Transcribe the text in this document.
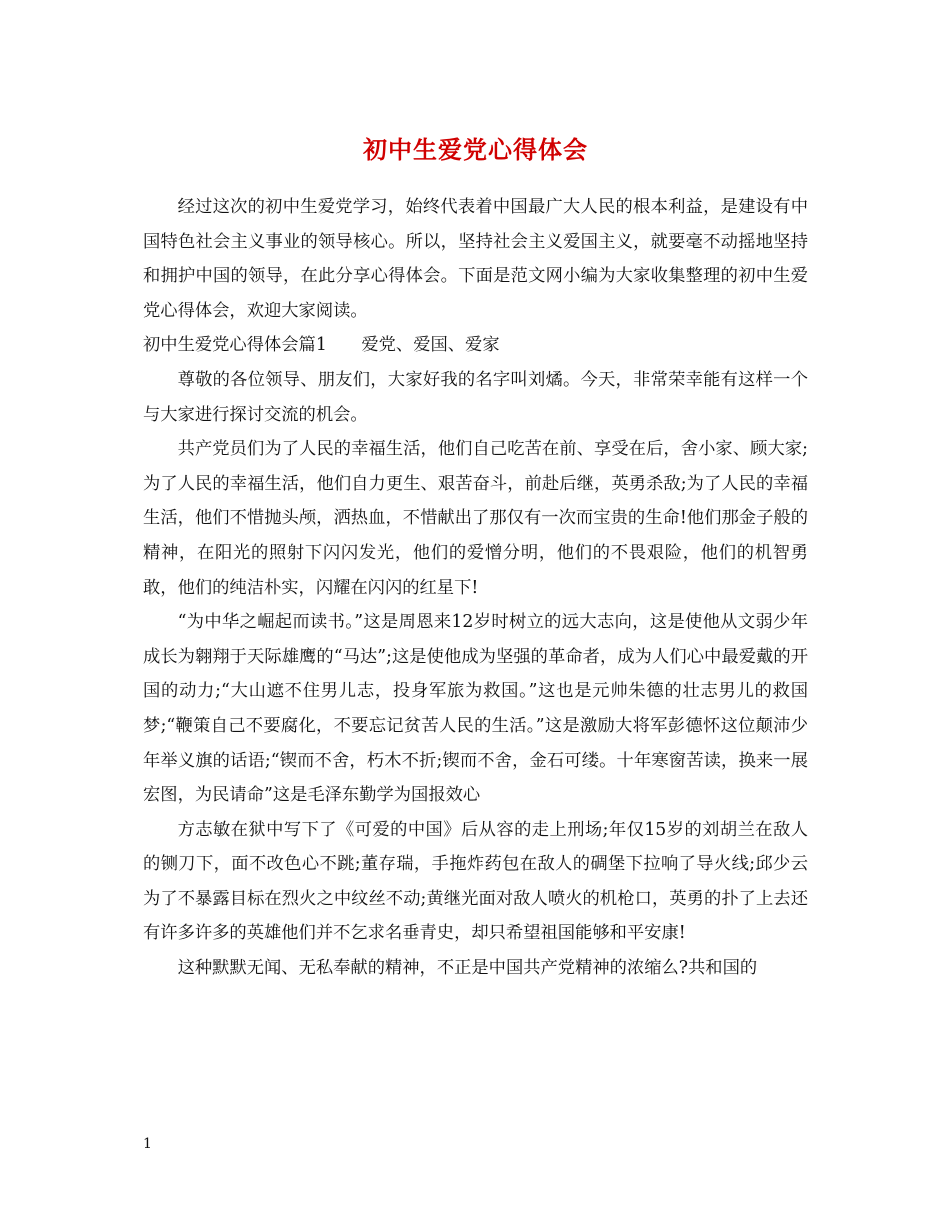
初中生爱党心得体会

经过这次的初中生爱党学习，始终代表着中国最广大人民的根本利益，是建设有中国特色社会主义事业的领导核心。所以，坚持社会主义爱国主义，就要毫不动摇地坚持和拥护中国的领导，在此分享心得体会。下面是范文网小编为大家收集整理的初中生爱党心得体会，欢迎大家阅读。

初中生爱党心得体会篇1　　爱党、爱国、爱家

尊敬的各位领导、朋友们，大家好我的名字叫刘燏。今天，非常荣幸能有这样一个与大家进行探讨交流的机会。

共产党员们为了人民的幸福生活，他们自己吃苦在前、享受在后，舍小家、顾大家;为了人民的幸福生活，他们自力更生、艰苦奋斗，前赴后继，英勇杀敌;为了人民的幸福生活，他们不惜抛头颅，洒热血，不惜献出了那仅有一次而宝贵的生命!他们那金子般的精神，在阳光的照射下闪闪发光，他们的爱憎分明，他们的不畏艰险，他们的机智勇敢，他们的纯洁朴实，闪耀在闪闪的红星下!

“为中华之崛起而读书。”这是周恩来12岁时树立的远大志向，这是使他从文弱少年成长为翱翔于天际雄鹰的“马达”;这是使他成为坚强的革命者，成为人们心中最爱戴的开国的动力;“大山遮不住男儿志，投身军旅为救国。”这也是元帅朱德的壮志男儿的救国梦;“鞭策自己不要腐化，不要忘记贫苦人民的生活。”这是激励大将军彭德怀这位颠沛少年举义旗的话语;“锲而不舍，朽木不折;锲而不舍，金石可缕。十年寒窗苦读，换来一展宏图，为民请命”这是毛泽东勤学为国报效心

方志敏在狱中写下了《可爱的中国》后从容的走上刑场;年仅15岁的刘胡兰在敌人的铡刀下，面不改色心不跳;董存瑞，手拖炸药包在敌人的碉堡下拉响了导火线;邱少云为了不暴露目标在烈火之中纹丝不动;黄继光面对敌人喷火的机枪口，英勇的扑了上去还有许多许多的英雄他们并不乞求名垂青史，却只希望祖国能够和平安康!

这种默默无闻、无私奉献的精神，不正是中国共产党精神的浓缩么?共和国的

1
